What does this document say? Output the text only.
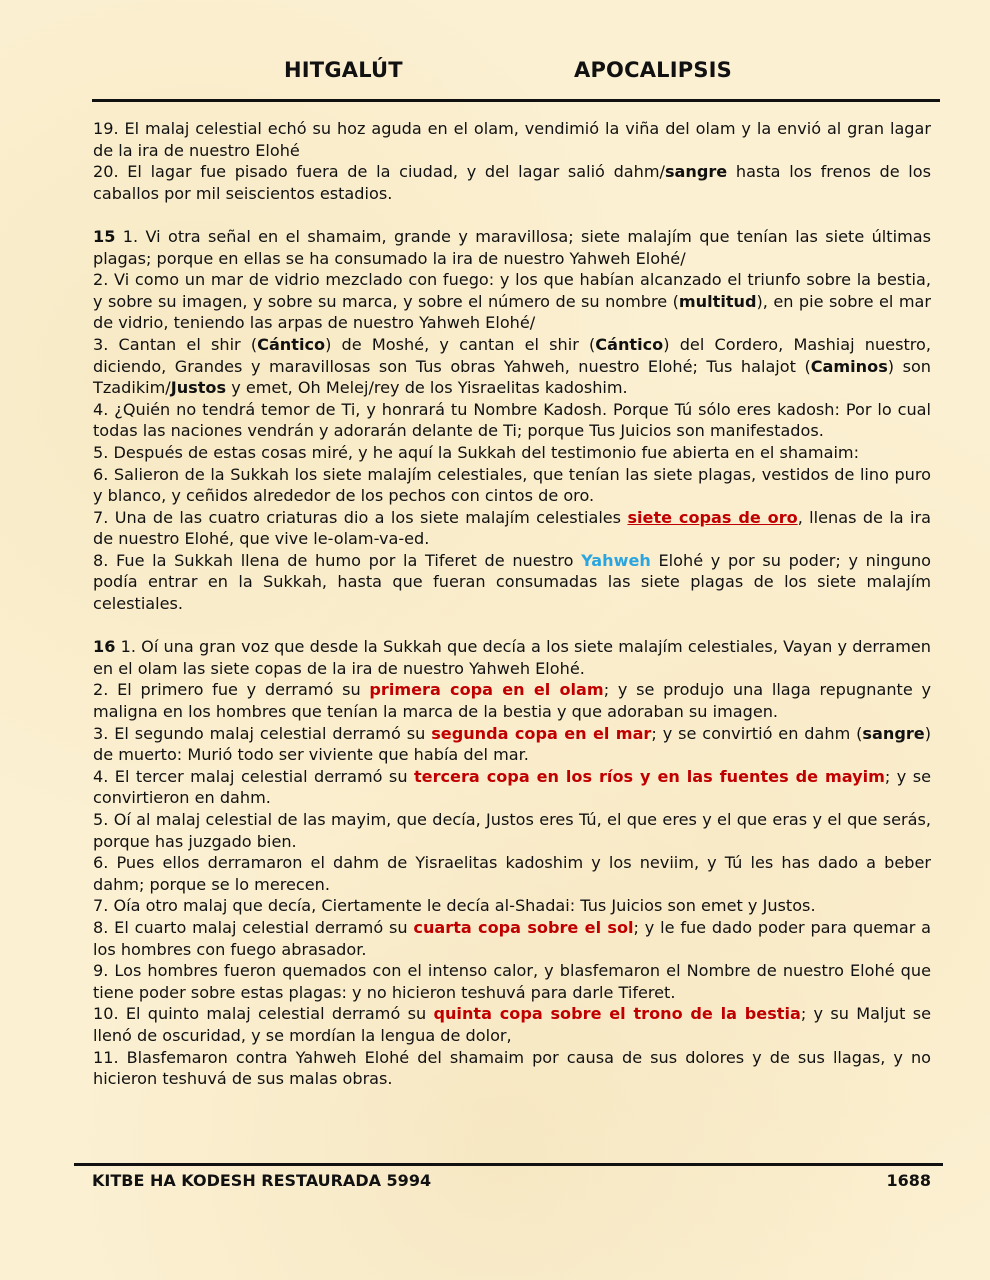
HITGALÚT	APOCALIPSIS

19. El malaj celestial echó su hoz aguda en el olam, vendimió la viña del olam y la envió al gran lagar de la ira de nuestro Elohé

20. El lagar fue pisado fuera de la ciudad, y del lagar salió dahm/sangre hasta los frenos de los caballos por mil seiscientos estadios.

15 1. Vi otra señal en el shamaim, grande y maravillosa; siete malajím que tenían las siete últimas plagas; porque en ellas se ha consumado la ira de nuestro Yahweh Elohé/

2. Vi como un mar de vidrio mezclado con fuego: y los que habían alcanzado el triunfo sobre la bestia, y sobre su imagen, y sobre su marca, y sobre el número de su nombre (multitud), en pie sobre el mar de vidrio, teniendo las arpas de nuestro Yahweh Elohé/

3. Cantan el shir (Cántico) de Moshé, y cantan el shir (Cántico) del Cordero, Mashiaj nuestro, diciendo, Grandes y maravillosas son Tus obras Yahweh, nuestro Elohé; Tus halajot (Caminos) son Tzadikim/Justos y emet, Oh Melej/rey de los Yisraelitas kadoshim.

4. ¿Quién no tendrá temor de Ti, y honrará tu Nombre Kadosh. Porque Tú sólo eres kadosh: Por lo cual todas las naciones vendrán y adorarán delante de Ti; porque Tus Juicios son manifestados.

5. Después de estas cosas miré, y he aquí la Sukkah del testimonio fue abierta en el shamaim:

6. Salieron de la Sukkah los siete malajím celestiales, que tenían las siete plagas, vestidos de lino puro y blanco, y ceñidos alrededor de los pechos con cintos de oro.

7. Una de las cuatro criaturas dio a los siete malajím celestiales siete copas de oro, llenas de la ira de nuestro Elohé, que vive le-olam-va-ed.

8. Fue la Sukkah llena de humo por la Tiferet de nuestro Yahweh Elohé y por su poder; y ninguno podía entrar en la Sukkah, hasta que fueran consumadas las siete plagas de los siete malajím celestiales.

16 1. Oí una gran voz que desde la Sukkah que decía a los siete malajím celestiales, Vayan y derramen en el olam las siete copas de la ira de nuestro Yahweh Elohé.

2. El primero fue y derramó su primera copa en el olam; y se produjo una llaga repugnante y maligna en los hombres que tenían la marca de la bestia y que adoraban su imagen.

3. El segundo malaj celestial derramó su segunda copa en el mar; y se convirtió en dahm (sangre) de muerto: Murió todo ser viviente que había del mar.

4. El tercer malaj celestial derramó su tercera copa en los ríos y en las fuentes de mayim; y se convirtieron en dahm.

5. Oí al malaj celestial de las mayim, que decía, Justos eres Tú, el que eres y el que eras y el que serás, porque has juzgado bien.

6. Pues ellos derramaron el dahm de Yisraelitas kadoshim y los neviim, y Tú les has dado a beber dahm; porque se lo merecen.

7. Oía otro malaj que decía, Ciertamente le decía al-Shadai: Tus Juicios son emet y Justos.

8. El cuarto malaj celestial derramó su cuarta copa sobre el sol; y le fue dado poder para quemar a los hombres con fuego abrasador.

9. Los hombres fueron quemados con el intenso calor, y blasfemaron el Nombre de nuestro Elohé que tiene poder sobre estas plagas: y no hicieron teshuvá para darle Tiferet.

10. El quinto malaj celestial derramó su quinta copa sobre el trono de la bestia; y su Maljut se llenó de oscuridad, y se mordían la lengua de dolor,

11. Blasfemaron contra Yahweh Elohé del shamaim por causa de sus dolores y de sus llagas, y no hicieron teshuvá de sus malas obras.

KITBE HA KODESH RESTAURADA 5994	1688
